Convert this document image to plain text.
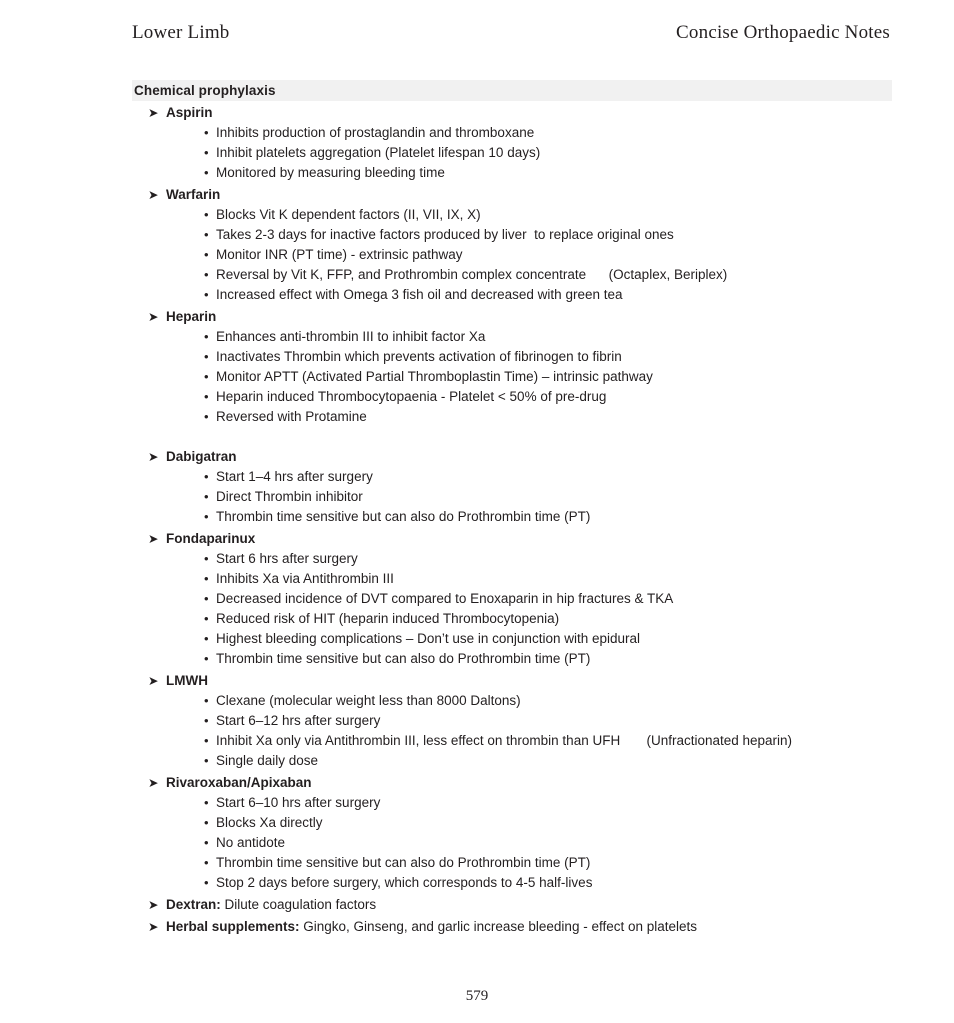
Lower Limb	Concise Orthopaedic Notes
Chemical prophylaxis
➤ Aspirin
• Inhibits production of prostaglandin and thromboxane
• Inhibit platelets aggregation (Platelet lifespan 10 days)
• Monitored by measuring bleeding time
➤ Warfarin
• Blocks Vit K dependent factors (II, VII, IX, X)
• Takes 2-3 days for inactive factors produced by liver  to replace original ones
• Monitor INR (PT time) - extrinsic pathway
• Reversal by Vit K, FFP, and Prothrombin complex concentrate      (Octaplex, Beriplex)
• Increased effect with Omega 3 fish oil and decreased with green tea
➤ Heparin
• Enhances anti-thrombin III to inhibit factor Xa
• Inactivates Thrombin which prevents activation of fibrinogen to fibrin
• Monitor APTT (Activated Partial Thromboplastin Time) – intrinsic pathway
• Heparin induced Thrombocytopaenia - Platelet < 50% of pre-drug
• Reversed with Protamine
➤ Dabigatran
• Start 1–4 hrs after surgery
• Direct Thrombin inhibitor
• Thrombin time sensitive but can also do Prothrombin time (PT)
➤ Fondaparinux
• Start 6 hrs after surgery
• Inhibits Xa via Antithrombin III
• Decreased incidence of DVT compared to Enoxaparin in hip fractures & TKA
• Reduced risk of HIT (heparin induced Thrombocytopenia)
• Highest bleeding complications – Don’t use in conjunction with epidural
• Thrombin time sensitive but can also do Prothrombin time (PT)
➤ LMWH
• Clexane (molecular weight less than 8000 Daltons)
• Start 6–12 hrs after surgery
• Inhibit Xa only via Antithrombin III, less effect on thrombin than UFH       (Unfractionated heparin)
• Single daily dose
➤ Rivaroxaban/Apixaban
• Start 6–10 hrs after surgery
• Blocks Xa directly
• No antidote
• Thrombin time sensitive but can also do Prothrombin time (PT)
• Stop 2 days before surgery, which corresponds to 4-5 half-lives
➤ Dextran: Dilute coagulation factors
➤ Herbal supplements: Gingko, Ginseng, and garlic increase bleeding - effect on platelets
579
